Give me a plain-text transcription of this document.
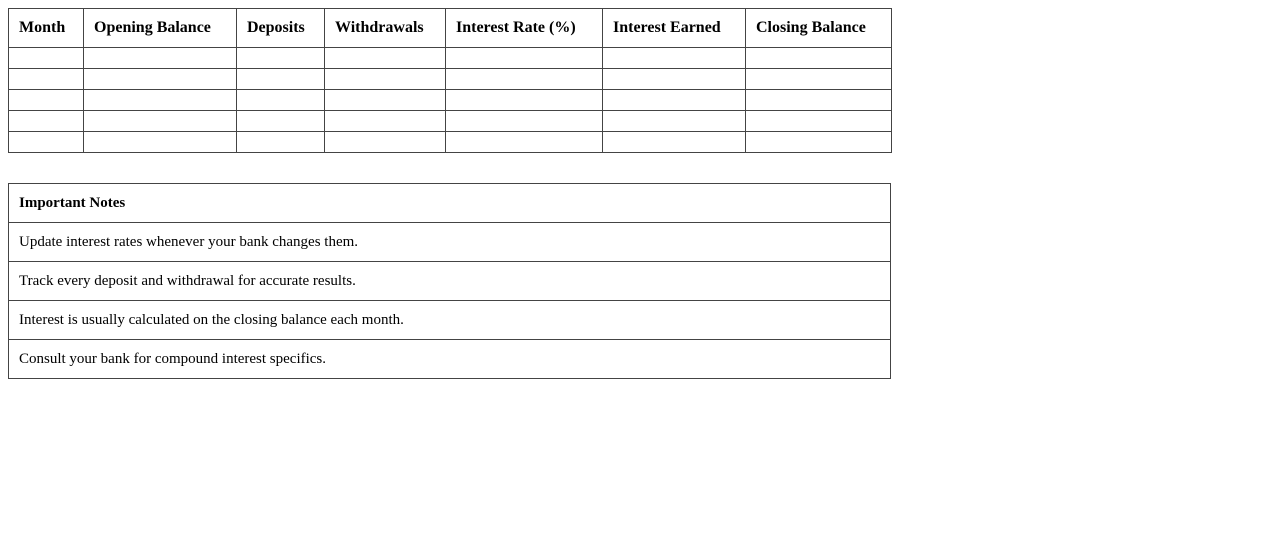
Month	Opening Balance	Deposits	Withdrawals	Interest Rate (%)	Interest Earned	Closing Balance

Important Notes
Update interest rates whenever your bank changes them.
Track every deposit and withdrawal for accurate results.
Interest is usually calculated on the closing balance each month.
Consult your bank for compound interest specifics.
